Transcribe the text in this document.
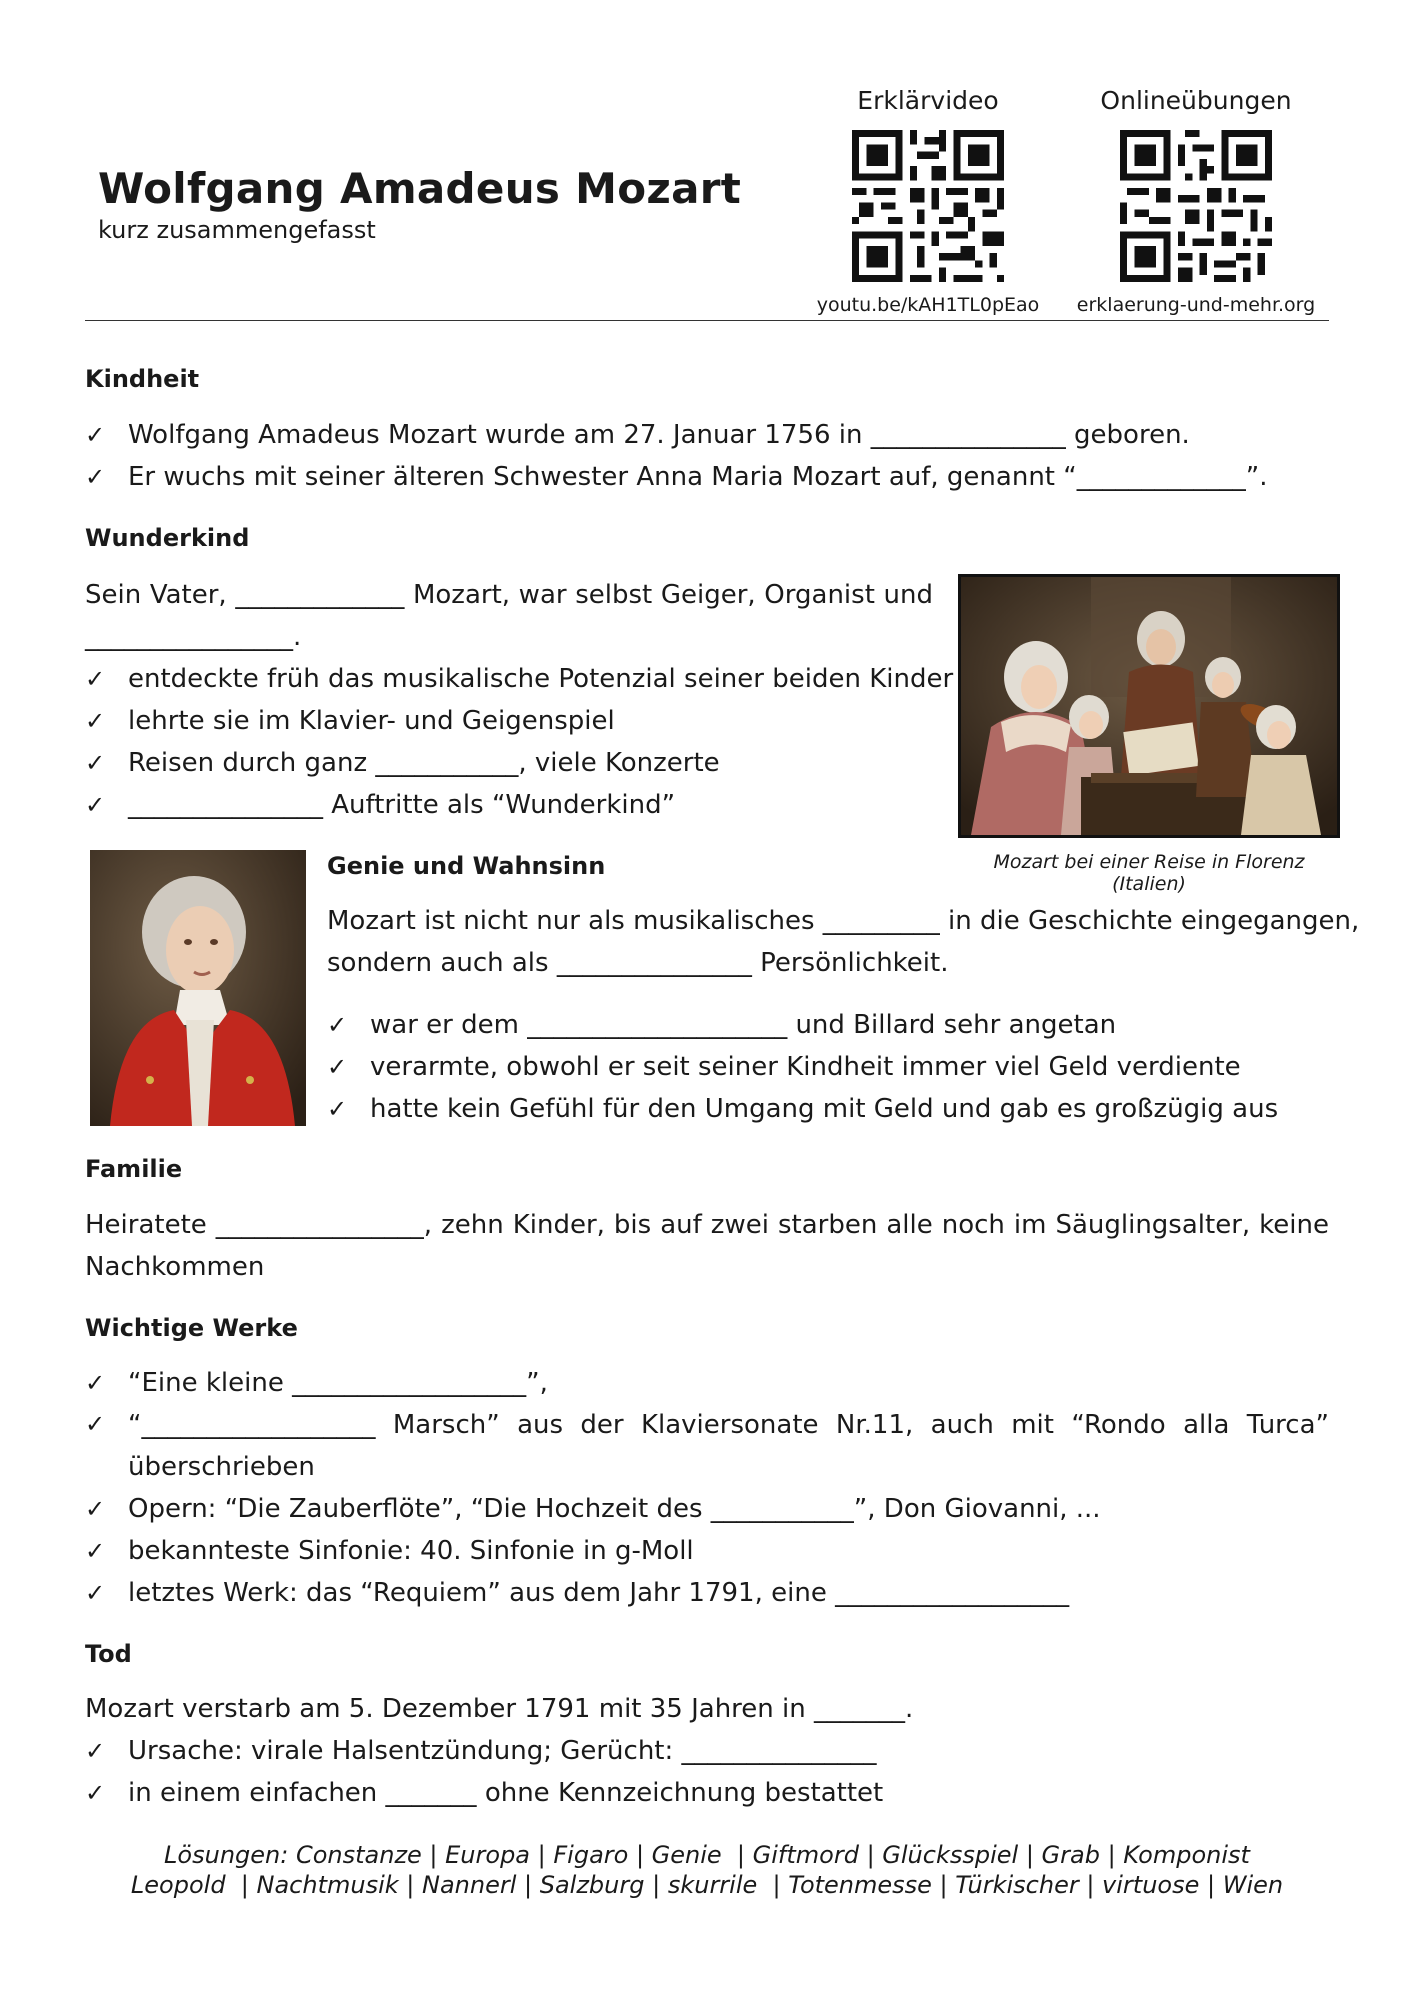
Wolfgang Amadeus Mozart
kurz zusammengefasst
Erklärvideo
youtu.be/kAH1TL0pEao
Onlineübungen
erklaerung-und-mehr.org
Kindheit
✓ Wolfgang Amadeus Mozart wurde am 27. Januar 1756 in _______________ geboren.
✓ Er wuchs mit seiner älteren Schwester Anna Maria Mozart auf, genannt “_____________”.
Wunderkind
Sein Vater, _____________ Mozart, war selbst Geiger, Organist und
________________.
✓ entdeckte früh das musikalische Potenzial seiner beiden Kinder
✓ lehrte sie im Klavier- und Geigenspiel
✓ Reisen durch ganz ___________, viele Konzerte
✓ _______________ Auftritte als “Wunderkind”
Mozart bei einer Reise in Florenz (Italien)
Genie und Wahnsinn
Mozart ist nicht nur als musikalisches _________ in die Geschichte eingegangen,
sondern auch als _______________ Persönlichkeit.
✓ war er dem ____________________ und Billard sehr angetan
✓ verarmte, obwohl er seit seiner Kindheit immer viel Geld verdiente
✓ hatte kein Gefühl für den Umgang mit Geld und gab es großzügig aus
Familie
Heiratete ________________, zehn Kinder, bis auf zwei starben alle noch im Säuglingsalter, keine
Nachkommen
Wichtige Werke
✓ “Eine kleine __________________”,
✓ “__________________ Marsch” aus der Klaviersonate Nr.11, auch mit “Rondo alla Turca”
überschrieben
✓ Opern: “Die Zauberflöte”, “Die Hochzeit des ___________”, Don Giovanni, ...
✓ bekannteste Sinfonie: 40. Sinfonie in g-Moll
✓ letztes Werk: das “Requiem” aus dem Jahr 1791, eine __________________
Tod
Mozart verstarb am 5. Dezember 1791 mit 35 Jahren in _______.
✓ Ursache: virale Halsentzündung; Gerücht: _______________
✓ in einem einfachen _______ ohne Kennzeichnung bestattet
Lösungen: Constanze | Europa | Figaro | Genie  | Giftmord | Glücksspiel | Grab | Komponist
Leopold  | Nachtmusik | Nannerl | Salzburg | skurrile  | Totenmesse | Türkischer | virtuose | Wien
